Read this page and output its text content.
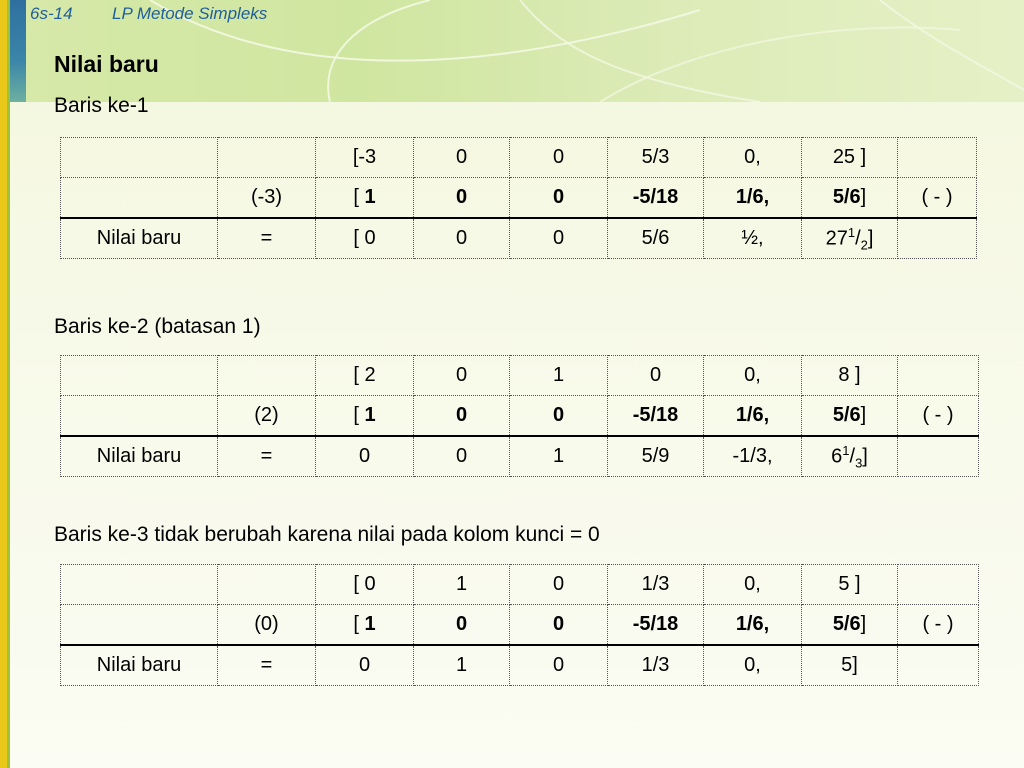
6s-14 LP Metode Simpleks
Nilai baru
Baris ke-1
		[-3	0	0	5/3	0,	25 ]	
	(-3)	[ 1	0	0	-5/18	1/6,	5/6]	( - )
Nilai baru	=	[ 0	0	0	5/6	½,	$27^1/_2$]	
Baris ke-2 (batasan 1)
		[ 2	0	1	0	0,	8 ]	
	(2)	[ 1	0	0	-5/18	1/6,	5/6]	( - )
Nilai baru	=	0	0	1	5/9	-1/3,	$6^1/_3$]	
Baris ke-3 tidak berubah karena nilai pada kolom kunci = 0
		[ 0	1	0	1/3	0,	5 ]	
	(0)	[ 1	0	0	-5/18	1/6,	5/6]	( - )
Nilai baru	=	0	1	0	1/3	0,	5]	
